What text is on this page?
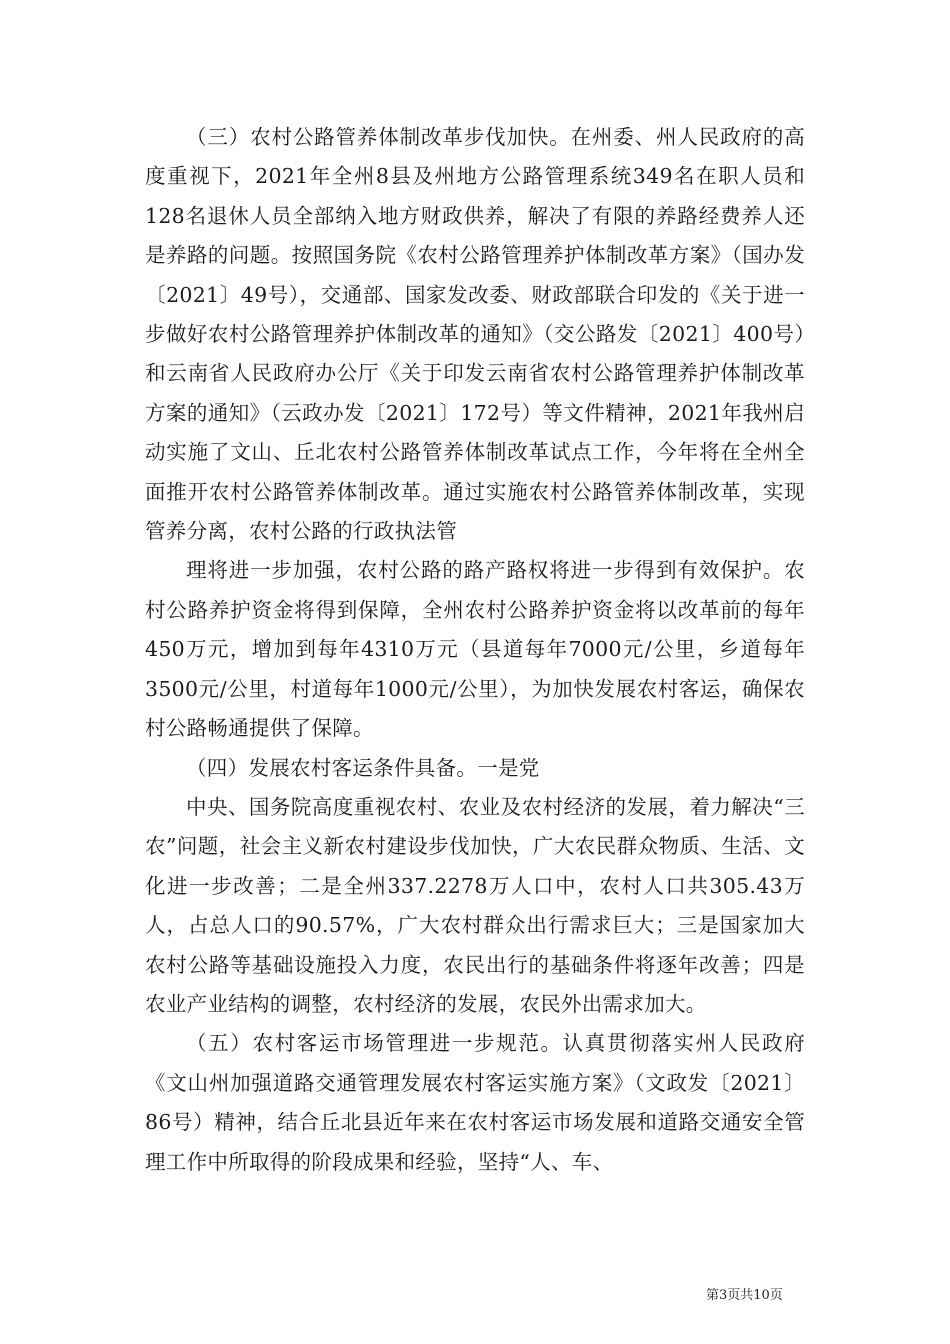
（三）农村公路管养体制改革步伐加快。在州委、州人民政府的高度重视下，2021年全州8县及州地方公路管理系统349名在职人员和128名退休人员全部纳入地方财政供养，解决了有限的养路经费养人还是养路的问题。按照国务院《农村公路管理养护体制改革方案》（国办发〔2021〕49号），交通部、国家发改委、财政部联合印发的《关于进一步做好农村公路管理养护体制改革的通知》（交公路发〔2021〕400号）和云南省人民政府办公厅《关于印发云南省农村公路管理养护体制改革方案的通知》（云政办发〔2021〕172号）等文件精神，2021年我州启动实施了文山、丘北农村公路管养体制改革试点工作，今年将在全州全面推开农村公路管养体制改革。通过实施农村公路管养体制改革，实现管养分离，农村公路的行政执法管

理将进一步加强，农村公路的路产路权将进一步得到有效保护。农村公路养护资金将得到保障，全州农村公路养护资金将以改革前的每年450万元，增加到每年4310万元（县道每年7000元/公里，乡道每年3500元/公里，村道每年1000元/公里），为加快发展农村客运，确保农村公路畅通提供了保障。

（四）发展农村客运条件具备。一是党

中央、国务院高度重视农村、农业及农村经济的发展，着力解决“三农”问题，社会主义新农村建设步伐加快，广大农民群众物质、生活、文化进一步改善；二是全州337.2278万人口中，农村人口共305.43万人，占总人口的90.57%，广大农村群众出行需求巨大；三是国家加大农村公路等基础设施投入力度，农民出行的基础条件将逐年改善；四是农业产业结构的调整，农村经济的发展，农民外出需求加大。

（五）农村客运市场管理进一步规范。认真贯彻落实州人民政府《文山州加强道路交通管理发展农村客运实施方案》（文政发〔2021〕86号）精神，结合丘北县近年来在农村客运市场发展和道路交通安全管理工作中所取得的阶段成果和经验，坚持“人、车、

第3页共10页
